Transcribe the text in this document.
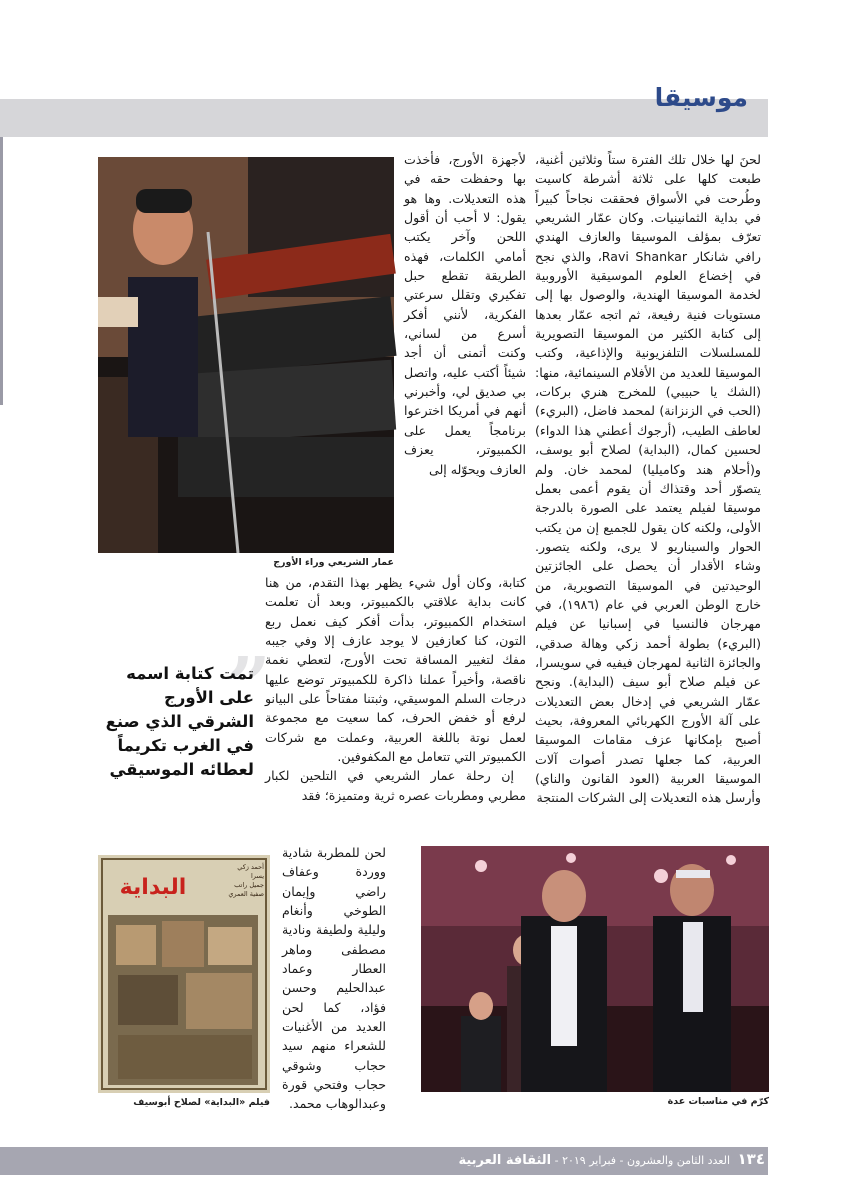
موسيقا

لحنَ لها خلال تلك الفترة ستاً وثلاثين أغنية، طبعت كلها على ثلاثة أشرطة كاسيت وطُرحت في الأسواق فحققت نجاحاً كبيراً في بداية الثمانينيات. وكان عمّار الشريعي تعرّف بمؤلف الموسيقا والعازف الهندي رافي شانكار Ravi Shankar، والذي نجح في إخضاع العلوم الموسيقية الأوروبية لخدمة الموسيقا الهندية، والوصول بها إلى مستويات فنية رفيعة، ثم اتجه عمّار بعدها إلى كتابة الكثير من الموسيقا التصويرية للمسلسلات التلفزيونية والإذاعية، وكتب الموسيقا للعديد من الأفلام السينمائية، منها: (الشك يا حبيبي) للمخرج هنري بركات، (الحب في الزنزانة) لمحمد فاضل، (البريء) لعاطف الطيب، (أرجوك أعطني هذا الدواء) لحسين كمال، (البداية) لصلاح أبو يوسف، و(أحلام هند وكاميليا) لمحمد خان. ولم يتصوّر أحد وقتذاك أن يقوم أعمى بعمل موسيقا لفيلم يعتمد على الصورة بالدرجة الأولى، ولكنه كان يقول للجميع إن من يكتب الحوار والسيناريو لا يرى، ولكنه يتصور. وشاء الأقدار أن يحصل على الجائزتين الوحيدتين في الموسيقا التصويرية، من خارج الوطن العربي في عام (١٩٨٦)، في مهرجان فالنسيا في إسبانيا عن فيلم (البريء) بطولة أحمد زكي وهالة صدقي، والجائزة الثانية لمهرجان فيفيه في سويسرا، عن فيلم صلاح أبو سيف (البداية). ونجح عمّار الشريعي في إدخال بعض التعديلات على آلة الأورج الكهربائي المعروفة، بحيث أصبح بإمكانها عزف مقامات الموسيقا العربية، كما جعلها تصدر أصوات آلات الموسيقا العربية (العود القانون والناي) وأرسل هذه التعديلات إلى الشركات المنتجة

لأجهزة الأورج، فأخذت بها وحفظت حقه في هذه التعديلات. وها هو يقول: لا أحب أن أقول اللحن وآخر يكتب أمامي الكلمات، فهذه الطريقة تقطع حبل تفكيري وتقلل سرعتي الفكرية، لأنني أفكر أسرع من لساني، وكنت أتمنى أن أجد شيئاً أكتب عليه، واتصل بي صديق لي، وأخبرني أنهم في أمريكا اخترعوا برنامجاً يعمل على الكمبيوتر، يعزف العازف ويحوّله إلى

كتابة، وكان أول شيء يظهر بهذا التقدم، من هنا كانت بداية علاقتي بالكمبيوتر، وبعد أن تعلمت استخدام الكمبيوتر، بدأت أفكر كيف نعمل ربع التون، كنا كعازفين لا يوجد عازف إلا وفي جيبه مفك لتغيير المسافة تحت الأورج، لتعطي نغمة ناقصة، وأخيراً عملنا ذاكرة للكمبيوتر توضع عليها درجات السلم الموسيقي، وثبتنا مفتاحاً على البيانو لرفع أو خفض الحرف، كما سعيت مع مجموعة لعمل نوتة باللغة العربية، وعملت مع شركات الكمبيوتر التي تتعامل مع المكفوفين.
إن رحلة عمار الشريعي في التلحين لكبار مطربي ومطربات عصره ثرية ومتميزة؛ فقد

لحن للمطربة شادية ووردة وعفاف راضي وإيمان الطوخي وأنغام وليلية ولطيفة ونادية مصطفى وماهر العطار وعماد عبدالحليم وحسن فؤاد، كما لحن العديد من الأغنيات للشعراء منهم سيد حجاب وشوقي حجاب وفتحي قورة وعبدالوهاب محمد.

عمار الشريعي وراء الأورج
”

تمت كتابة اسمه على الأورج الشرقي الذي صنع في الغرب تكريماً لعطائه الموسيقي

البداية
أحمد زكي
يسرا
جميل راتب
صفية العمري
فيلم «البداية» لصلاح أبوسيف	كرّم في مناسبات عدة
١٣٤ العدد الثامن والعشرون - فبراير ٢٠١٩ - الثقافة العربية
